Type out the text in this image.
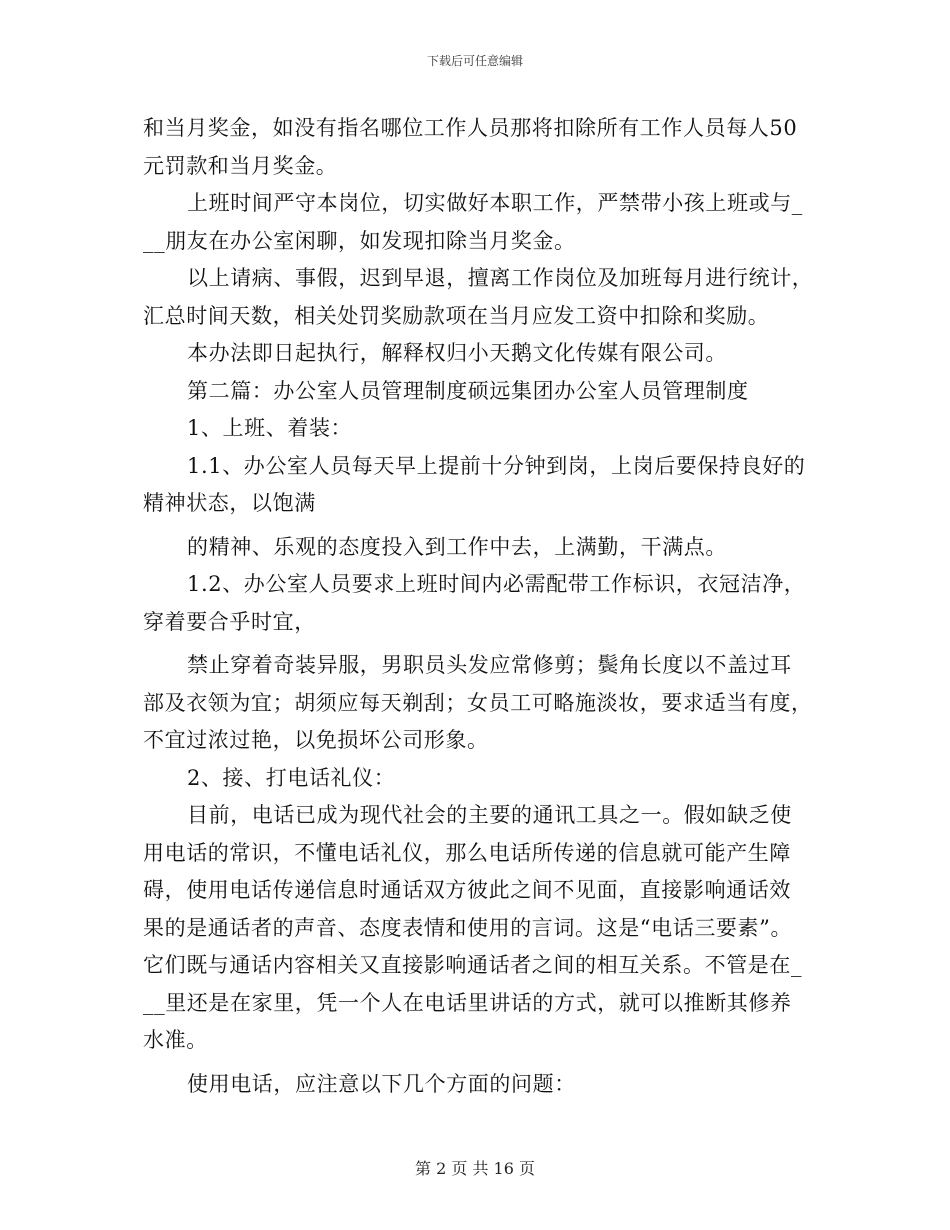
下载后可任意编辑
和当月奖金，如没有指名哪位工作人员那将扣除所有工作人员每人50
元罚款和当月奖金。
上班时间严守本岗位，切实做好本职工作，严禁带小孩上班或与_
__朋友在办公室闲聊，如发现扣除当月奖金。
以上请病、事假，迟到早退，擅离工作岗位及加班每月进行统计，
汇总时间天数，相关处罚奖励款项在当月应发工资中扣除和奖励。
本办法即日起执行，解释权归小天鹅文化传媒有限公司。
第二篇：办公室人员管理制度硕远集团办公室人员管理制度
1、上班、着装：
1.1、办公室人员每天早上提前十分钟到岗，上岗后要保持良好的
精神状态，以饱满
的精神、乐观的态度投入到工作中去，上满勤，干满点。
1.2、办公室人员要求上班时间内必需配带工作标识，衣冠洁净，
穿着要合乎时宜，
禁止穿着奇装异服，男职员头发应常修剪；鬓角长度以不盖过耳
部及衣领为宜；胡须应每天剃刮；女员工可略施淡妆，要求适当有度，
不宜过浓过艳，以免损坏公司形象。
2、接、打电话礼仪：
目前，电话已成为现代社会的主要的通讯工具之一。假如缺乏使
用电话的常识，不懂电话礼仪，那么电话所传递的信息就可能产生障
碍，使用电话传递信息时通话双方彼此之间不见面，直接影响通话效
果的是通话者的声音、态度表情和使用的言词。这是“电话三要素”。
它们既与通话内容相关又直接影响通话者之间的相互关系。不管是在_
__里还是在家里，凭一个人在电话里讲话的方式，就可以推断其修养
水准。
使用电话，应注意以下几个方面的问题：
第 2 页 共 16 页
